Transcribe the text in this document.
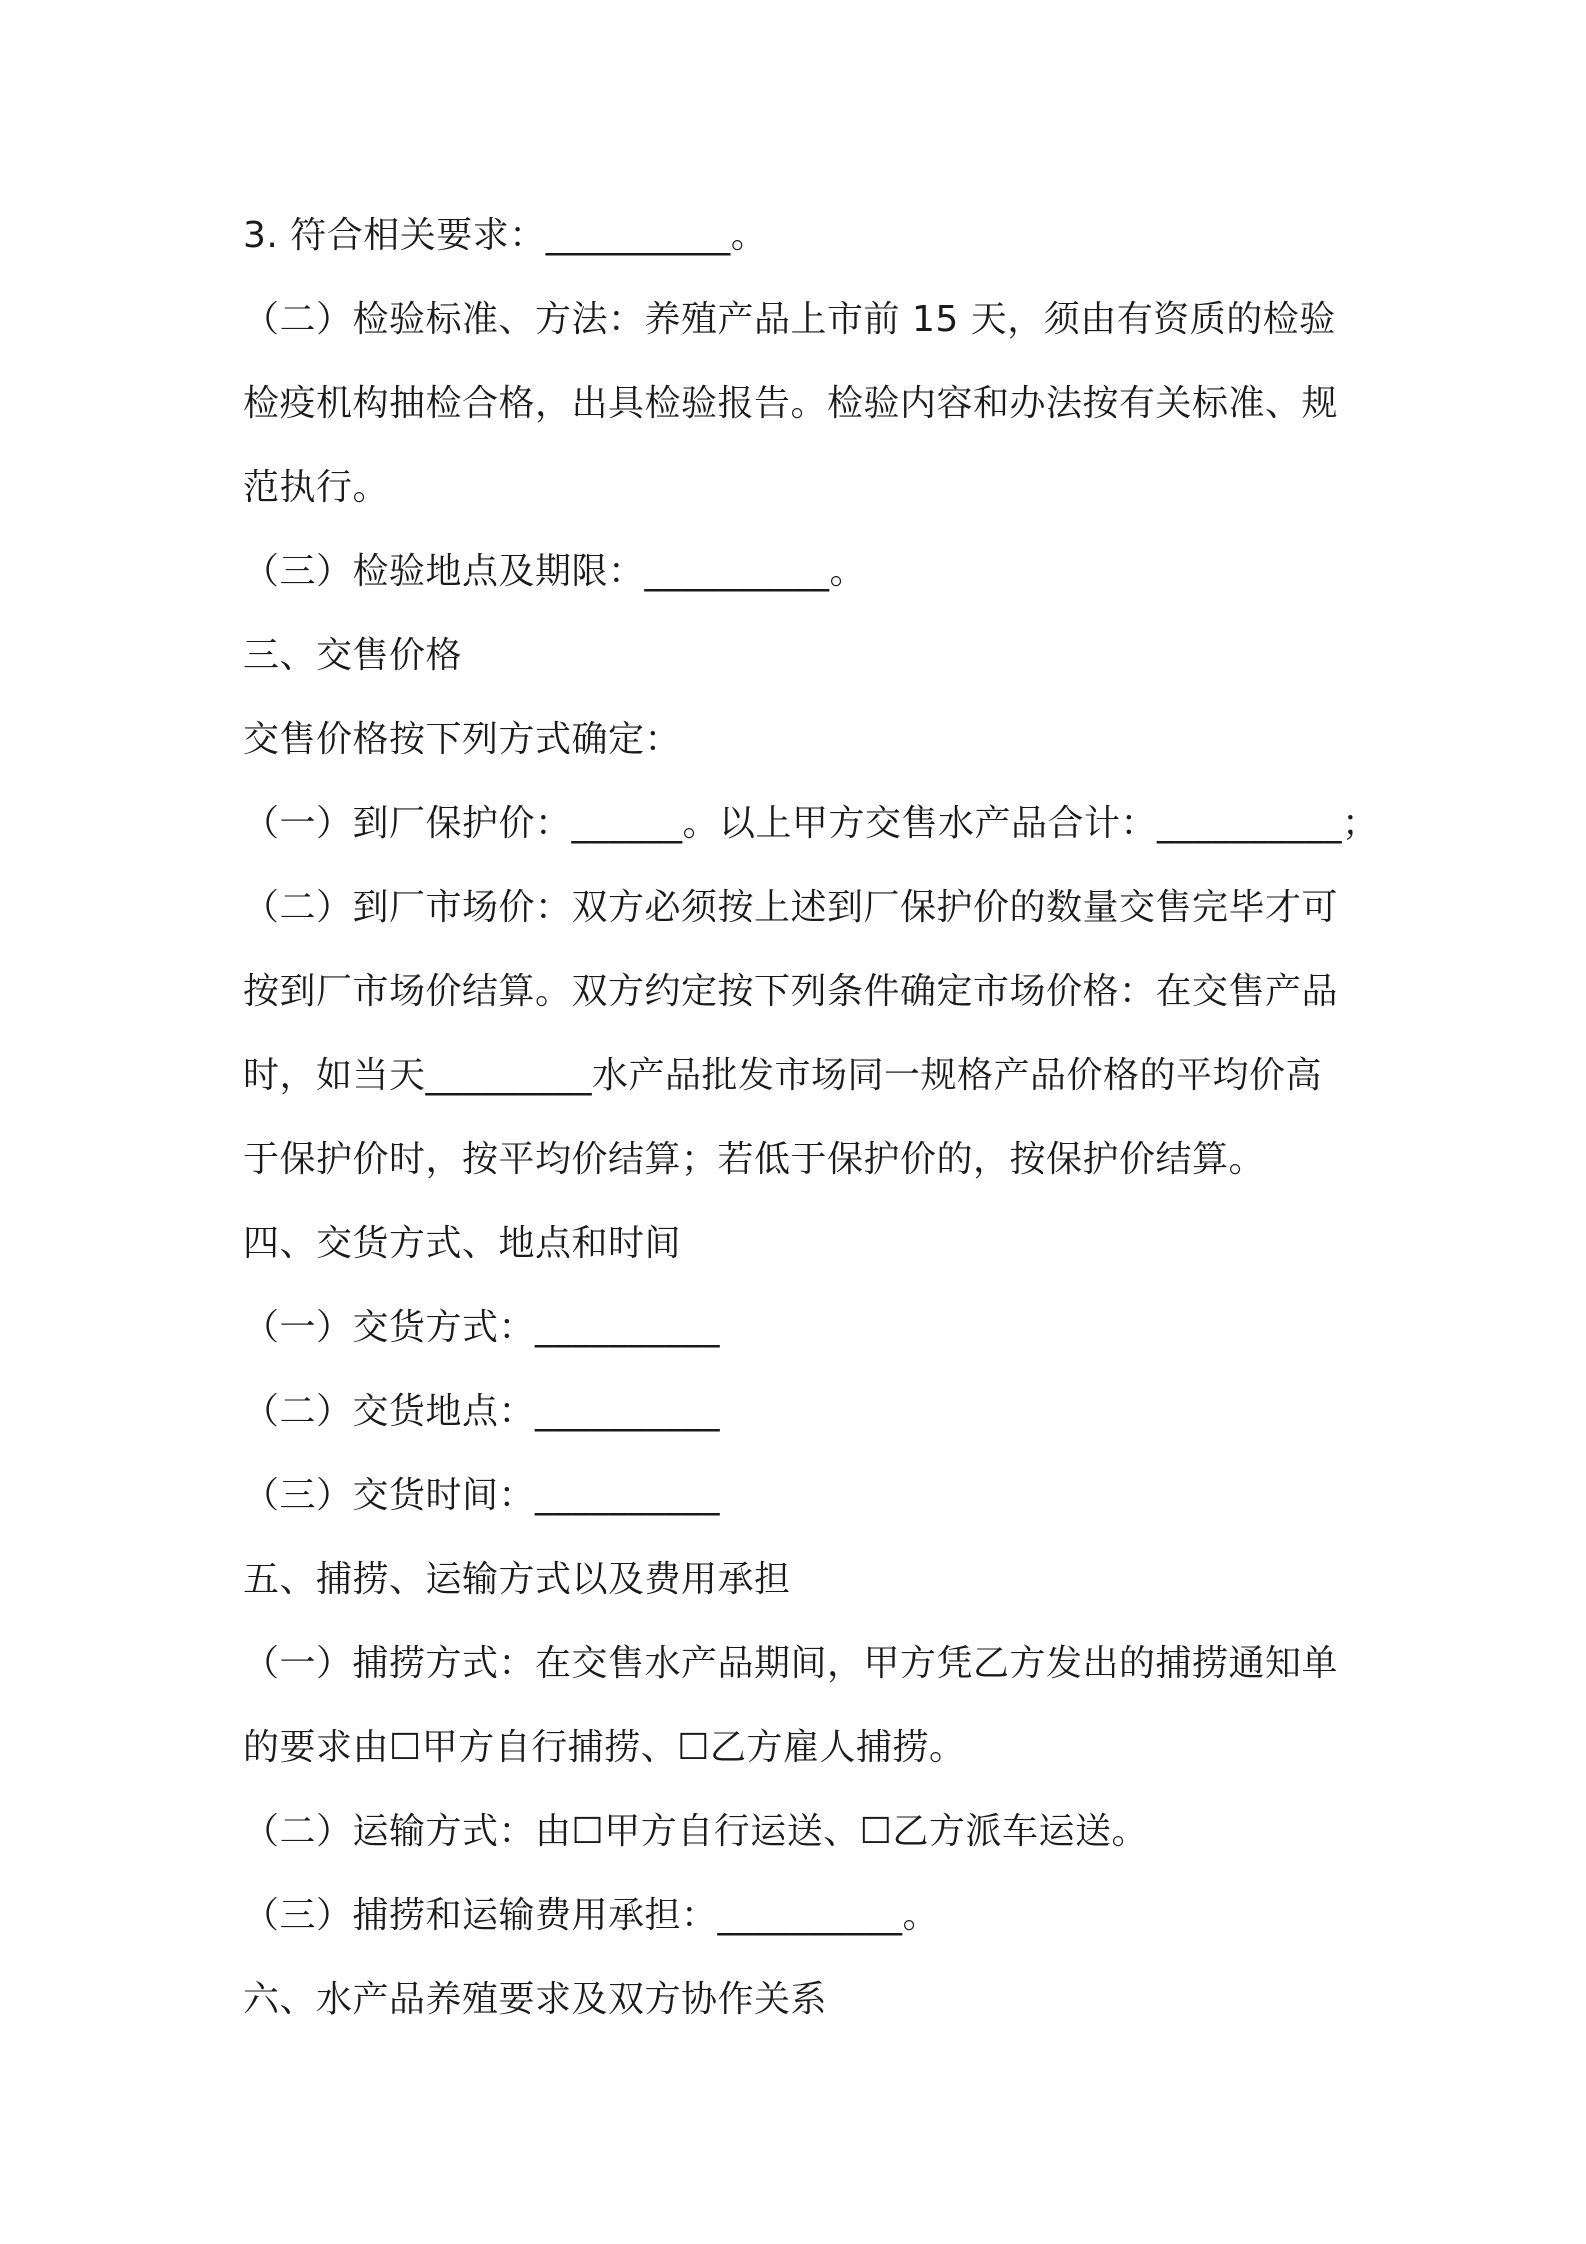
3. 符合相关要求：__________。
（二）检验标准、方法：养殖产品上市前 15 天，须由有资质的检验
检疫机构抽检合格，出具检验报告。检验内容和办法按有关标准、规
范执行。
（三）检验地点及期限：__________。
三、交售价格
交售价格按下列方式确定：
（一）到厂保护价：______。以上甲方交售水产品合计：__________；
（二）到厂市场价：双方必须按上述到厂保护价的数量交售完毕才可
按到厂市场价结算。双方约定按下列条件确定市场价格：在交售产品
时，如当天_________水产品批发市场同一规格产品价格的平均价高
于保护价时，按平均价结算；若低于保护价的，按保护价结算。
四、交货方式、地点和时间
（一）交货方式：__________
（二）交货地点：__________
（三）交货时间：__________
五、捕捞、运输方式以及费用承担
（一）捕捞方式：在交售水产品期间，甲方凭乙方发出的捕捞通知单
的要求由☐甲方自行捕捞、☐乙方雇人捕捞。
（二）运输方式：由☐甲方自行运送、☐乙方派车运送。
（三）捕捞和运输费用承担：__________。
六、水产品养殖要求及双方协作关系
